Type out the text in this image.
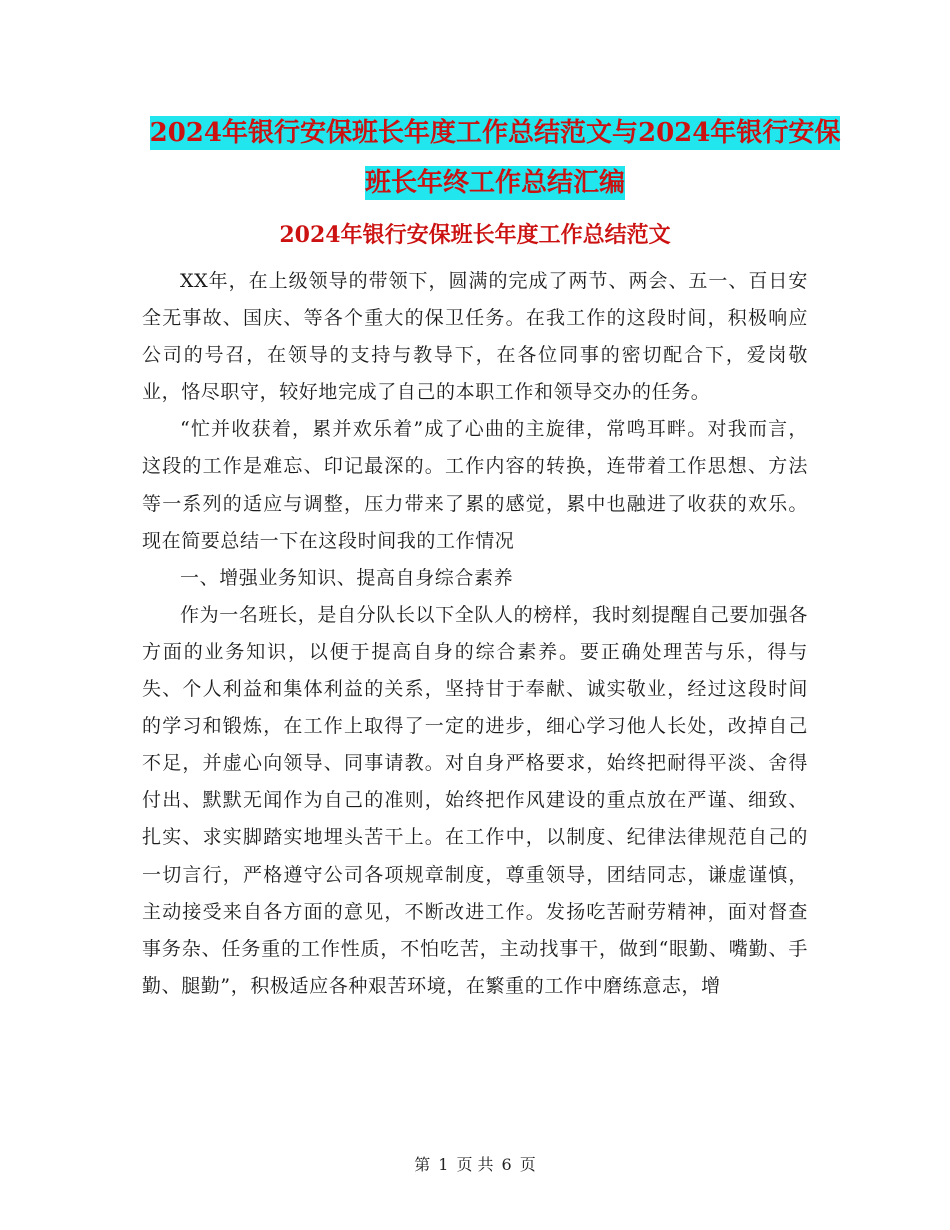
2024年银行安保班长年度工作总结范文与2024年银行安保班长年终工作总结汇编
2024年银行安保班长年度工作总结范文

XX年，在上级领导的带领下，圆满的完成了两节、两会、五一、百日安全无事故、国庆、等各个重大的保卫任务。在我工作的这段时间，积极响应公司的号召，在领导的支持与教导下，在各位同事的密切配合下，爱岗敬业，恪尽职守，较好地完成了自己的本职工作和领导交办的任务。

“忙并收获着，累并欢乐着”成了心曲的主旋律，常鸣耳畔。对我而言，这段的工作是难忘、印记最深的。工作内容的转换，连带着工作思想、方法等一系列的适应与调整，压力带来了累的感觉，累中也融进了收获的欢乐。现在简要总结一下在这段时间我的工作情况

一、增强业务知识、提高自身综合素养

作为一名班长，是自分队长以下全队人的榜样，我时刻提醒自己要加强各方面的业务知识，以便于提高自身的综合素养。要正确处理苦与乐，得与失、个人利益和集体利益的关系，坚持甘于奉献、诚实敬业，经过这段时间的学习和锻炼，在工作上取得了一定的进步，细心学习他人长处，改掉自己不足，并虚心向领导、同事请教。对自身严格要求，始终把耐得平淡、舍得付出、默默无闻作为自己的准则，始终把作风建设的重点放在严谨、细致、扎实、求实脚踏实地埋头苦干上。在工作中，以制度、纪律法律规范自己的一切言行，严格遵守公司各项规章制度，尊重领导，团结同志，谦虚谨慎，主动接受来自各方面的意见，不断改进工作。发扬吃苦耐劳精神，面对督查事务杂、任务重的工作性质，不怕吃苦，主动找事干，做到“眼勤、嘴勤、手勤、腿勤”，积极适应各种艰苦环境，在繁重的工作中磨练意志，增

第 1 页 共 6 页
